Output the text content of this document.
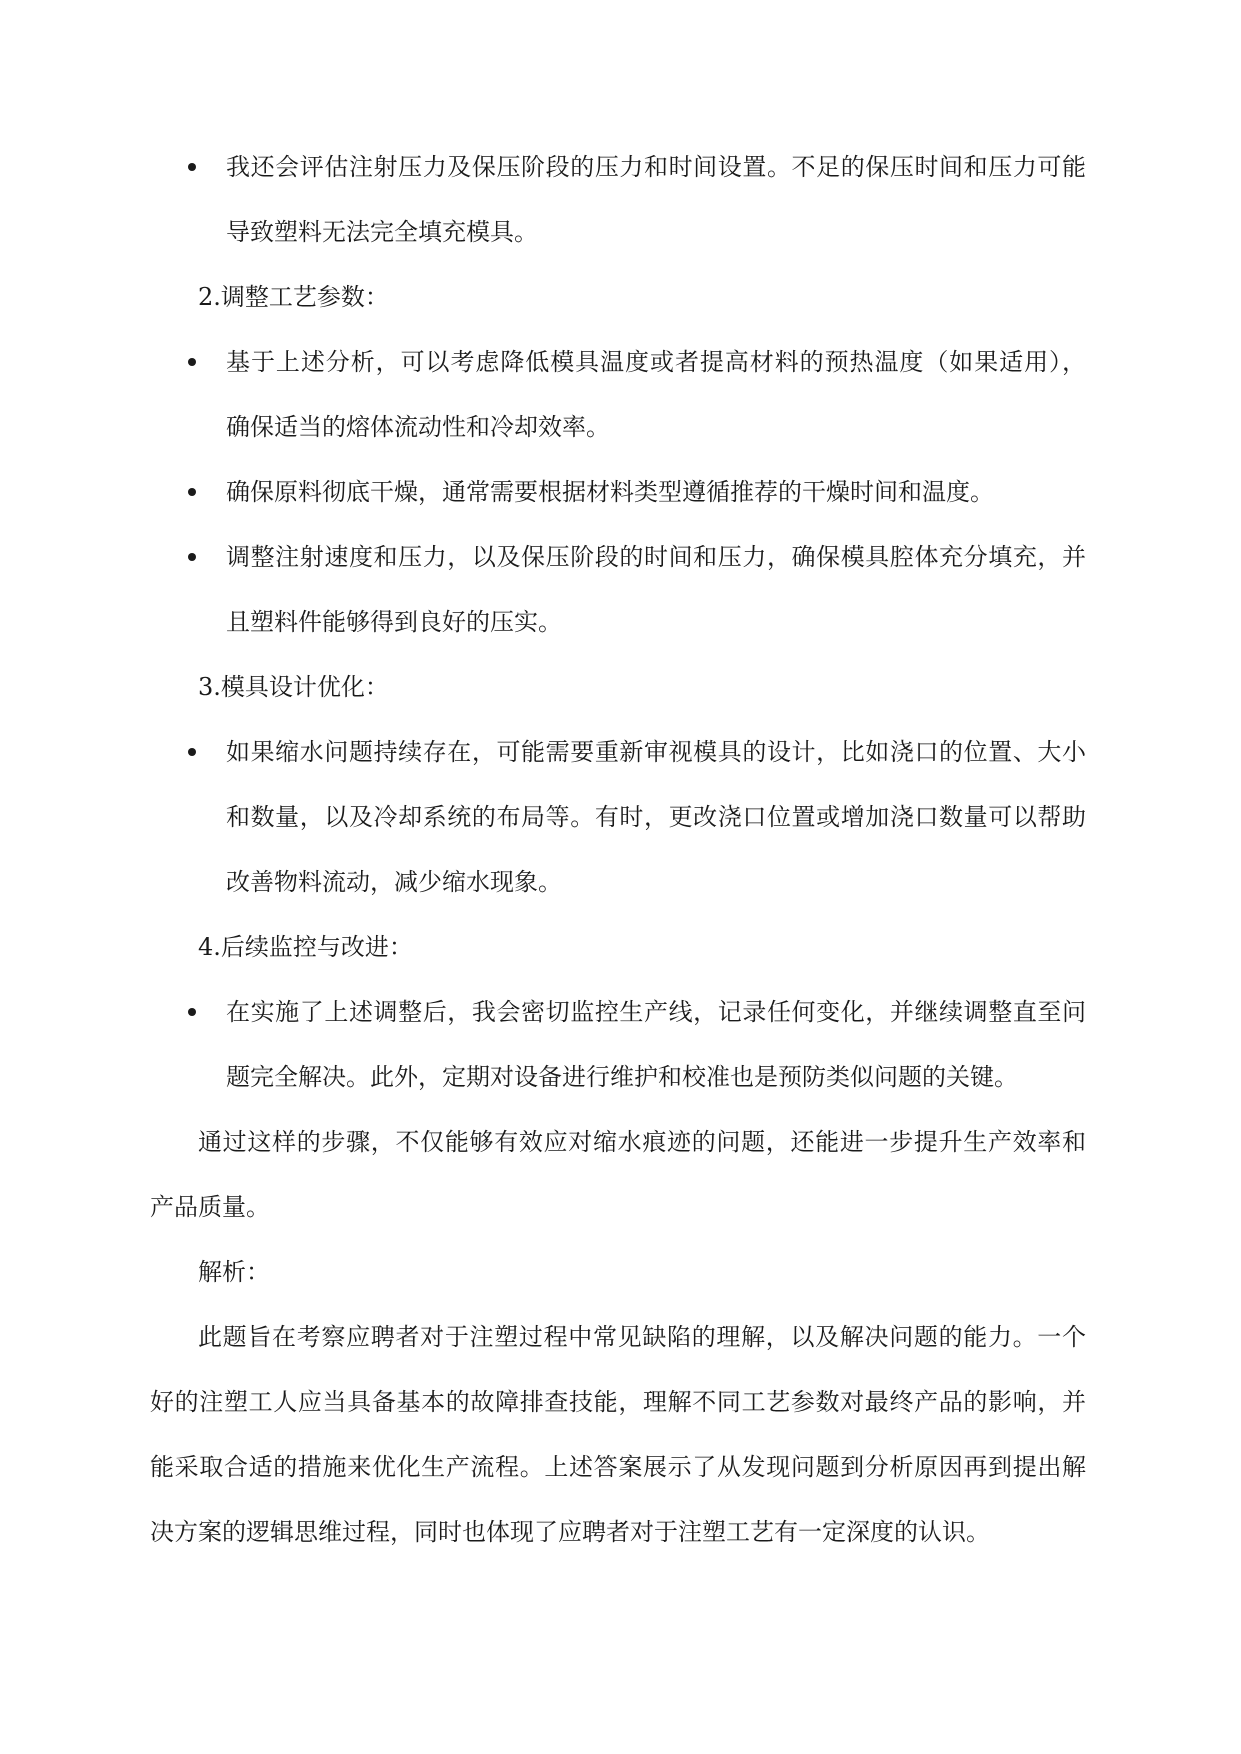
我还会评估注射压力及保压阶段的压力和时间设置。不足的保压时间和压力可能
导致塑料无法完全填充模具。
2.调整工艺参数：
基于上述分析，可以考虑降低模具温度或者提高材料的预热温度（如果适用），
确保适当的熔体流动性和冷却效率。
确保原料彻底干燥，通常需要根据材料类型遵循推荐的干燥时间和温度。
调整注射速度和压力，以及保压阶段的时间和压力，确保模具腔体充分填充，并
且塑料件能够得到良好的压实。
3.模具设计优化：
如果缩水问题持续存在，可能需要重新审视模具的设计，比如浇口的位置、大小
和数量，以及冷却系统的布局等。有时，更改浇口位置或增加浇口数量可以帮助
改善物料流动，减少缩水现象。
4.后续监控与改进：
在实施了上述调整后，我会密切监控生产线，记录任何变化，并继续调整直至问
题完全解决。此外，定期对设备进行维护和校准也是预防类似问题的关键。
通过这样的步骤，不仅能够有效应对缩水痕迹的问题，还能进一步提升生产效率和
产品质量。
解析：
此题旨在考察应聘者对于注塑过程中常见缺陷的理解，以及解决问题的能力。一个
好的注塑工人应当具备基本的故障排查技能，理解不同工艺参数对最终产品的影响，并
能采取合适的措施来优化生产流程。上述答案展示了从发现问题到分析原因再到提出解
决方案的逻辑思维过程，同时也体现了应聘者对于注塑工艺有一定深度的认识。
